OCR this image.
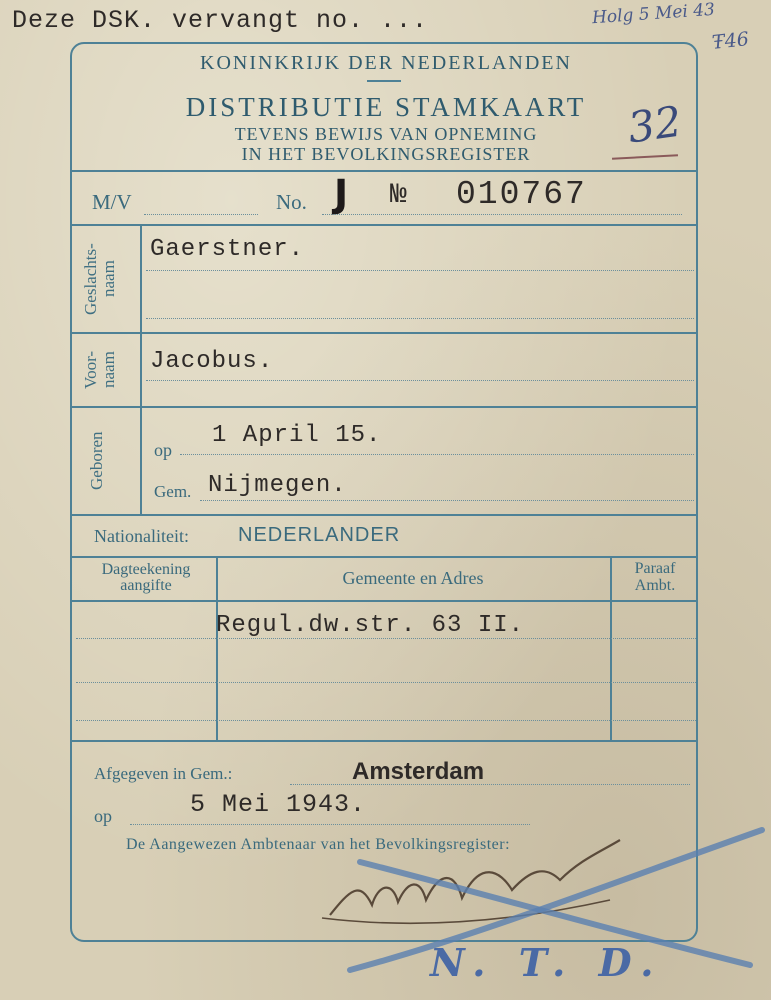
Deze DSK. vervangt no. ...	Holg 5 Mei 43
Ŧ46
KONINKRIJK DER NEDERLANDEN
DISTRIBUTIE STAMKAART
TEVENS BEWIJS VAN OPNEMING
IN HET BEVOLKINGSREGISTER
32
M/V	No. J № 010767
Geslachts-naam
Gaerstner.
Voor-naam	Jacobus.
Geboren	op
1 April 15.
Gem. Nijmegen.
Nationaliteit: NEDERLANDER
Dagteekening aangifte	Gemeente en Adres	Paraaf Ambt.
Regul.dw.str. 63 II.
Afgegeven in Gem.:	Amsterdam
op	5 Mei 1943.
De Aangewezen Ambtenaar van het Bevolkingsregister:
N. T. D.
